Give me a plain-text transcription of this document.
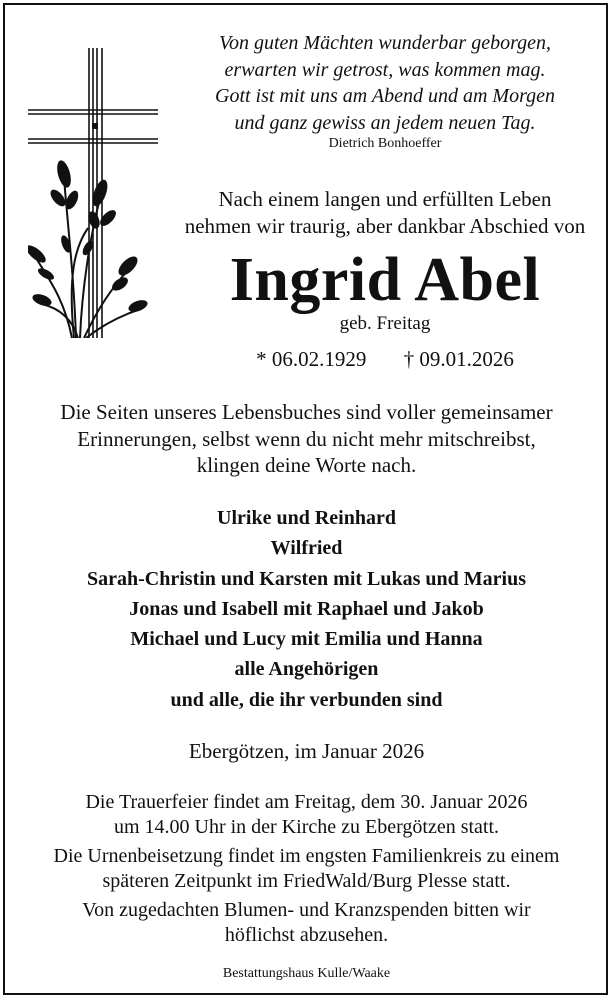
Von guten Mächten wunderbar geborgen,
erwarten wir getrost, was kommen mag.
Gott ist mit uns am Abend und am Morgen
und ganz gewiss an jedem neuen Tag.
Dietrich Bonhoeffer
Nach einem langen und erfüllten Leben
nehmen wir traurig, aber dankbar Abschied von
Ingrid Abel
geb. Freitag
* 06.02.1929 † 09.01.2026
Die Seiten unseres Lebensbuches sind voller gemeinsamer
Erinnerungen, selbst wenn du nicht mehr mitschreibst,
klingen deine Worte nach.
Ulrike und Reinhard
Wilfried
Sarah-Christin und Karsten mit Lukas und Marius
Jonas und Isabell mit Raphael und Jakob
Michael und Lucy mit Emilia und Hanna
alle Angehörigen
und alle, die ihr verbunden sind
Ebergötzen, im Januar 2026
Die Trauerfeier findet am Freitag, dem 30. Januar 2026
um 14.00 Uhr in der Kirche zu Ebergötzen statt.
Die Urnenbeisetzung findet im engsten Familienkreis zu einem
späteren Zeitpunkt im FriedWald/Burg Plesse statt.
Von zugedachten Blumen- und Kranzspenden bitten wir
höflichst abzusehen.
Bestattungshaus Kulle/Waake
